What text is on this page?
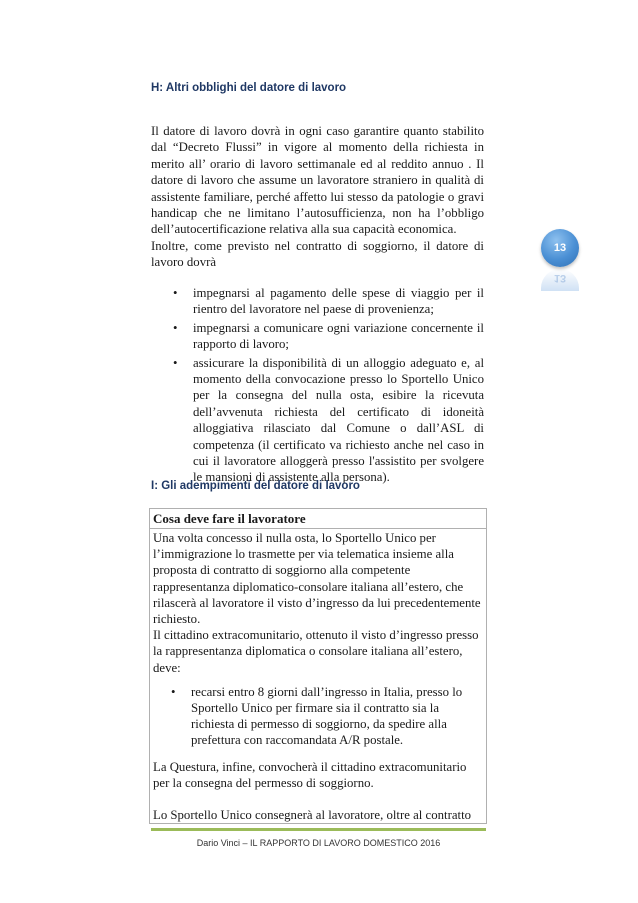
H: Altri obblighi del datore di lavoro

Il datore di lavoro dovrà in ogni caso garantire quanto stabilito dal “Decreto Flussi” in vigore al momento della richiesta in merito all’ orario di lavoro settimanale ed al reddito annuo . Il datore di lavoro che assume un lavoratore straniero in qualità di assistente familiare, perché affetto lui stesso da patologie o gravi handicap che ne limitano l’autosufficienza, non ha l’obbligo dell’autocertificazione relativa alla sua capacità economica.

Inoltre, come previsto nel contratto di soggiorno, il datore di lavoro dovrà

• impegnarsi al pagamento delle spese di viaggio per il rientro del lavoratore nel paese di provenienza;
• impegnarsi a comunicare ogni variazione concernente il rapporto di lavoro;
• assicurare la disponibilità di un alloggio adeguato e, al momento della convocazione presso lo Sportello Unico per la consegna del nulla osta, esibire la ricevuta dell’avvenuta richiesta del certificato di idoneità alloggiativa rilasciato dal Comune o dall’ASL di competenza (il certificato va richiesto anche nel caso in cui il lavoratore alloggerà presso l'assistito per svolgere le mansioni di assistente alla persona).
I: Gli adempimenti del datore di lavoro
Cosa deve fare il lavoratore

Una volta concesso il nulla osta, lo Sportello Unico per l’immigrazione lo trasmette per via telematica insieme alla proposta di contratto di soggiorno alla competente rappresentanza diplomatico-consolare italiana all’estero, che rilascerà al lavoratore il visto d’ingresso da lui precedentemente richiesto.

Il cittadino extracomunitario, ottenuto il visto d’ingresso presso la rappresentanza diplomatica o consolare italiana all’estero, deve:

• recarsi entro 8 giorni dall’ingresso in Italia, presso lo Sportello Unico per firmare sia il contratto sia la richiesta di permesso di soggiorno, da spedire alla prefettura con raccomandata A/R postale.

La Questura, infine, convocherà il cittadino extracomunitario per la consegna del permesso di soggiorno.

Lo Sportello Unico consegnerà al lavoratore, oltre al contratto

13
13
Dario Vinci – IL RAPPORTO DI LAVORO DOMESTICO 2016
